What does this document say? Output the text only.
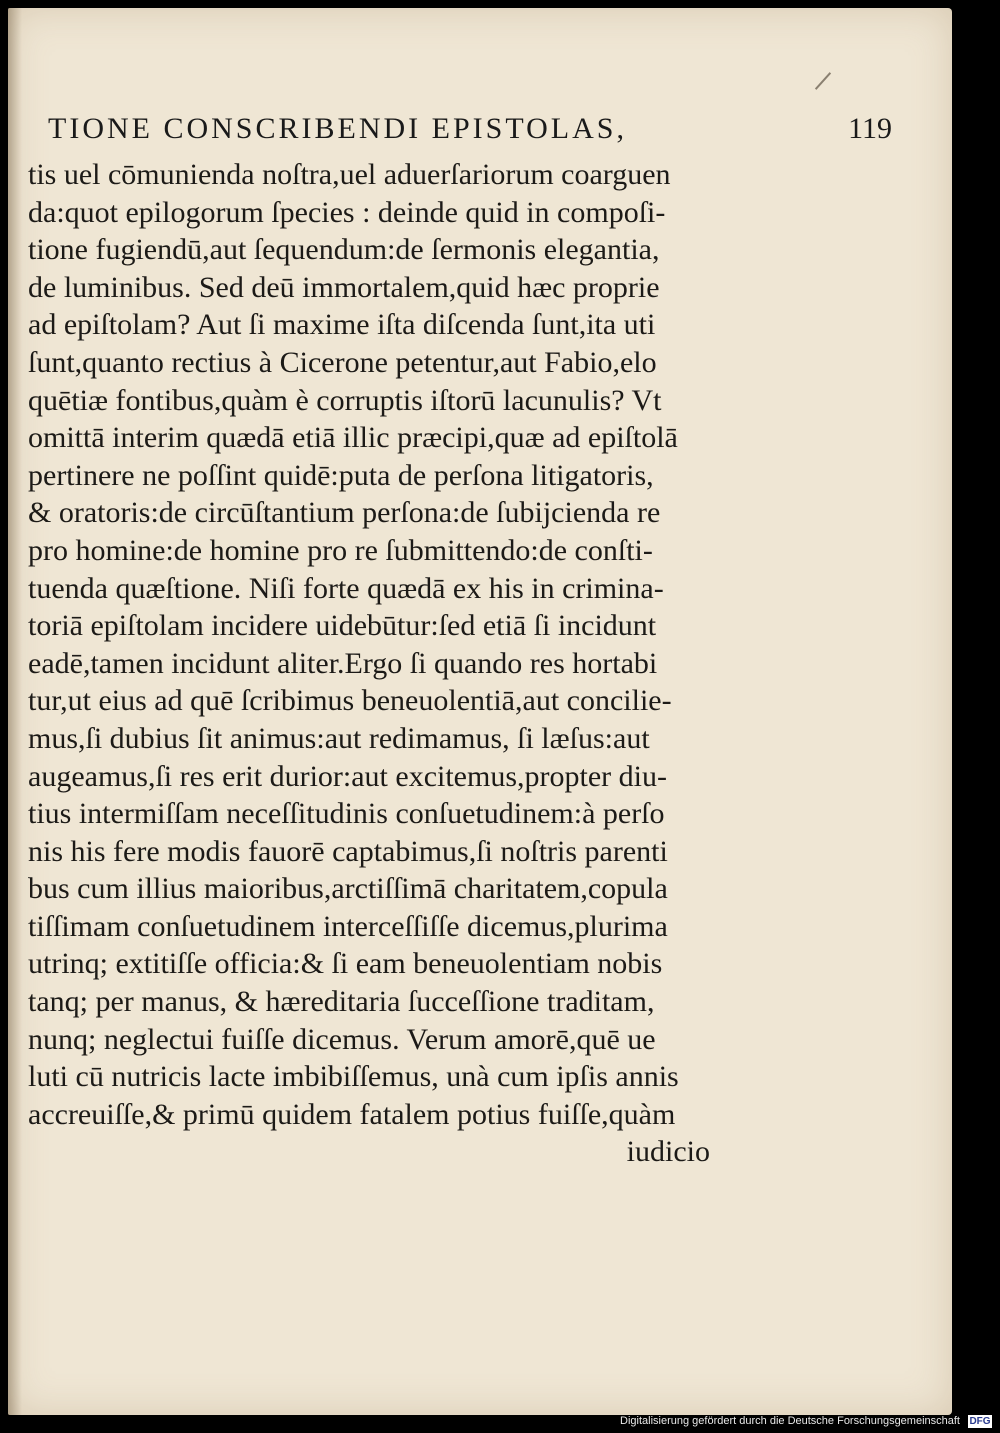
TIONE CONSCRIBENDI EPISTOLAS,	119
tis uel cōmunienda noſtra,uel aduerſariorum coarguen
da:quot epilogorum ſpecies : deinde quid in compoſi-
tione fugiendū,aut ſequendum:de ſermonis elegantia,
de luminibus. Sed deū immortalem,quid hæc proprie
ad epiſtolam? Aut ſi maxime iſta diſcenda ſunt,ita uti
ſunt,quanto rectius à Cicerone petentur,aut Fabio,elo
quētiæ fontibus,quàm è corruptis iſtorū lacunulis? Vt
omittā interim quædā etiā illic præcipi,quæ ad epiſtolā
pertinere ne poſſint quidē:puta de perſona litigatoris,
& oratoris:de circūſtantium perſona:de ſubijcienda re
pro homine:de homine pro re ſubmittendo:de conſti-
tuenda quæſtione. Niſi forte quædā ex his in crimina-
toriā epiſtolam incidere uidebūtur:ſed etiā ſi incidunt
eadē,tamen incidunt aliter.Ergo ſi quando res hortabi
tur,ut eius ad quē ſcribimus beneuolentiā,aut concilie-
mus,ſi dubius ſit animus:aut redimamus, ſi læſus:aut
augeamus,ſi res erit durior:aut excitemus,propter diu-
tius intermiſſam neceſſitudinis conſuetudinem:à perſo
nis his fere modis fauorē captabimus,ſi noſtris parenti
bus cum illius maioribus,arctiſſimā charitatem,copula
tiſſimam conſuetudinem interceſſiſſe dicemus,plurima
utrinq; extitiſſe officia:& ſi eam beneuolentiam nobis
tanq; per manus, & hæreditaria ſucceſſione traditam,
nunq; neglectui fuiſſe dicemus. Verum amorē,quē ue
luti cū nutricis lacte imbibiſſemus, unà cum ipſis annis
accreuiſſe,& primū quidem fatalem potius fuiſſe,quàm
iudicio
Digitalisierung gefördert durch die Deutsche Forschungsgemeinschaft DFG
